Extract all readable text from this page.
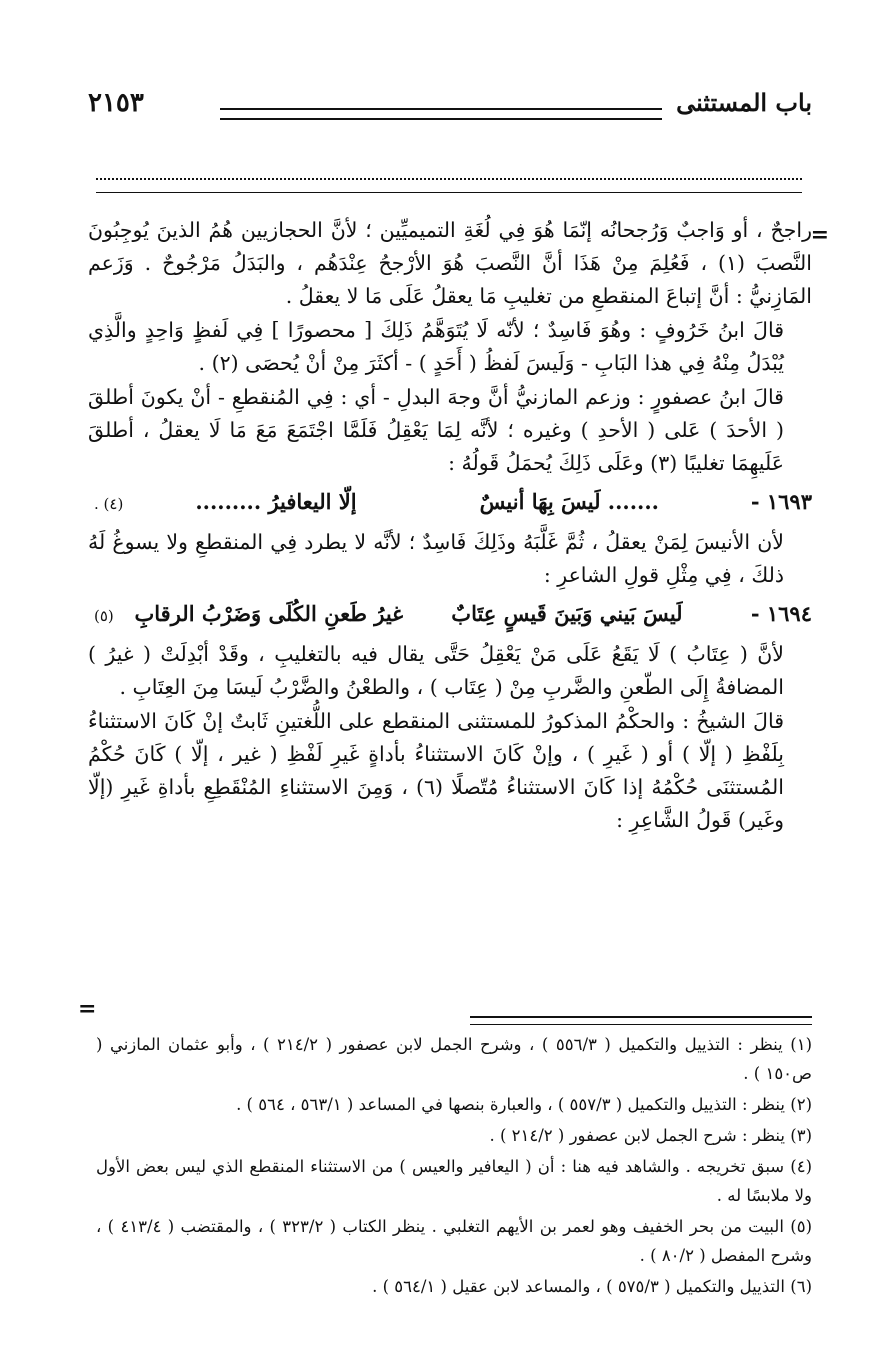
باب المستثنى
٢١٥٣
=

راجحٌ ، أو وَاجبٌ وَرُجحانُه إنّمَا هُوَ فِي لُغَةِ التميميِّين ؛ لأنَّ الحجازيين هُمُ الذينَ يُوجِبُونَ النَّصبَ (١) ، فَعُلِمَ مِنْ هَذَا أنَّ النَّصبَ هُوَ الأرْجحُ عِنْدَهُم ، والبَدَلُ مَرْجُوحٌ . وَزَعم المَازِنيُّ : أنَّ إتباعَ المنقطعِ من تغليبِ مَا يعقلُ عَلَى مَا لا يعقلُ .

قالَ ابنُ خَرُوفٍ : وهُوَ فَاسِدٌ ؛ لأنّه لَا يُتَوَهَّمُ ذَلِكَ [ محصورًا ] فِي لَفظٍ وَاحِدٍ والَّذِي يُبْدَلُ مِنْهُ فِي هذا البَابِ - وَلَيسَ لَفظُ ( أَحَدٍ ) - أكثَرَ مِنْ أنْ يُحصَى (٢) .

قالَ ابنُ عصفورٍ : وزعم المازنيُّ أنَّ وجهَ البدلِ - أي : فِي المُنقطعِ - أنْ يكونَ أطلقَ ( الأحدَ ) عَلى ( الأحدِ ) وغيره ؛ لأنَّه لِمَا يَعْقِلُ فَلَمَّا اجْتَمَعَ مَعَ مَا لَا يعقلُ ، أطلقَ عَلَيهِمَا تغليبًا (٣) وعَلَى ذَلِكَ يُحمَلُ قَولُهُ :

١٦٩٣ -
....... لَيسَ بِهَا أنيسٌ
إلّا اليعافيرُ .........
(٤) .

لأن الأنيسَ لِمَنْ يعقلُ ، ثُمَّ غَلَّبَهُ وذَلِكَ فَاسِدٌ ؛ لأنَّه لا يطرد فِي المنقطعِ ولا يسوغُ لَهُ ذلكَ ، فِي مِثْلِ قولِ الشاعرِ :

١٦٩٤ -
لَيسَ بَيني وَبَينَ قَيسٍ عِتَابٌ
غيرُ طَعنِ الكُلَى وَضَرْبُ الرقابِ
(٥)

لأنَّ ( عِتَابُ ) لَا يَقَعُ عَلَى مَنْ يَعْقِلُ حَتَّى يقال فيه بالتغليبِ ، وقَدْ أبْدِلَتْ ( غيرُ ) المضافةُ إِلَى الطّعنِ والضَّربِ مِنْ ( عِتَاب ) ، والطعْنُ والضَّرْبُ لَيسَا مِنَ العِتَابِ .

قالَ الشيخُ : والحكْمُ المذكورُ للمستثنى المنقطع على اللُّغتينِ ثَابتٌ إنْ كَانَ الاستثناءُ بِلَفْظِ ( إلّا ) أو ( غَيرِ ) ، وإنْ كَانَ الاستثناءُ بأداةٍ غَيرِ لَفْظِ ( غير ، إلّا ) كَانَ حُكْمُ المُستثنَى حُكْمُهُ إذا كَانَ الاستثناءُ مُتّصلًا (٦) ، وَمِنَ الاستثناءِ المُنْقَطِعِ بأداةِ غَيرِ (إلّا وغَير) قَولُ الشَّاعِرِ :

=

(١) ينظر : التذييل والتكميل ( ٥٥٦/٣ ) ، وشرح الجمل لابن عصفور ( ٢١٤/٢ ) ، وأبو عثمان المازني ( ص١٥٠ ) .

(٢) ينظر : التذييل والتكميل ( ٥٥٧/٣ ) ، والعبارة بنصها في المساعد ( ٥٦٣/١ ، ٥٦٤ ) .

(٣) ينظر : شرح الجمل لابن عصفور ( ٢١٤/٢ ) .

(٤) سبق تخريجه . والشاهد فيه هنا : أن ( اليعافير والعيس ) من الاستثناء المنقطع الذي ليس بعض الأول ولا ملابسًا له .

(٥) البيت من بحر الخفيف وهو لعمر بن الأيهم التغلبي . ينظر الكتاب ( ٣٢٣/٢ ) ، والمقتضب ( ٤١٣/٤ ) ، وشرح المفصل ( ٨٠/٢ ) .

(٦) التذييل والتكميل ( ٥٧٥/٣ ) ، والمساعد لابن عقيل ( ٥٦٤/١ ) .
